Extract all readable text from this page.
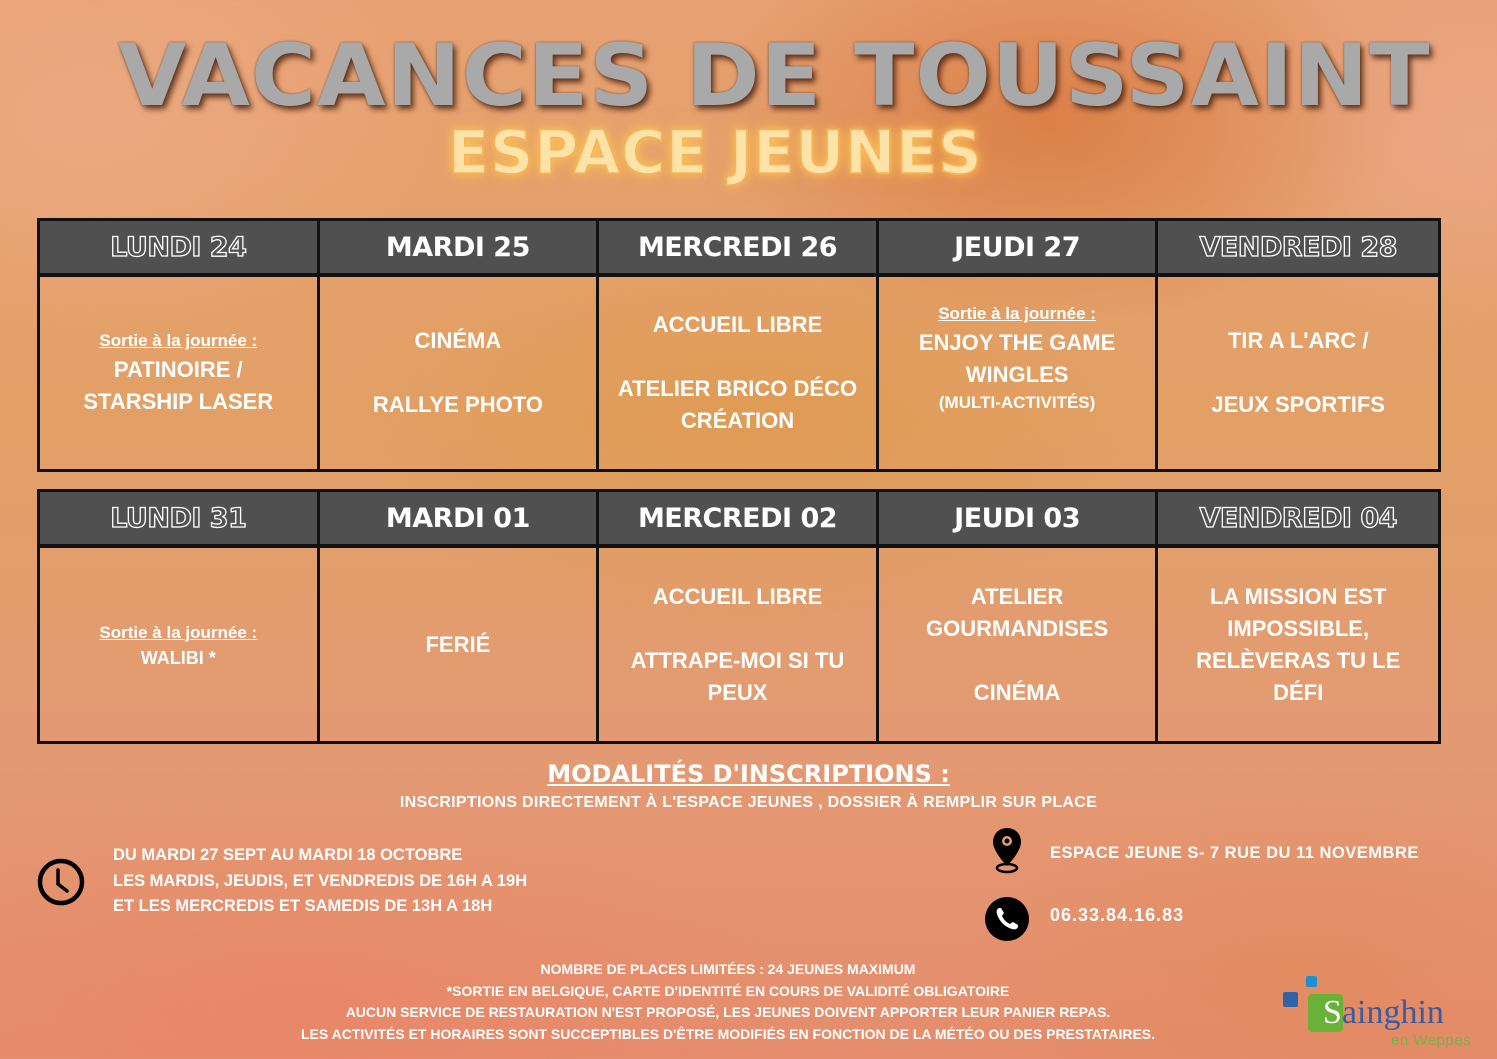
VACANCES DE TOUSSAINT
ESPACE JEUNES
LUNDI 24
Sortie à la journée :
PATINOIRE /
STARSHIP LASER
MARDI 25
CINÉMA
RALLYE PHOTO
MERCREDI 26
ACCUEIL LIBRE
ATELIER BRICO DÉCO
CRÉATION
JEUDI 27
Sortie à la journée :
ENJOY THE GAME
WINGLES
(MULTI-ACTIVITÉS)
VENDREDI 28
TIR A L'ARC /
JEUX SPORTIFS
LUNDI 31
Sortie à la journée :
WALIBI *
MARDI 01
FERIÉ
MERCREDI 02
ACCUEIL LIBRE
ATTRAPE-MOI SI TU
PEUX
JEUDI 03
ATELIER
GOURMANDISES
CINÉMA
VENDREDI 04
LA MISSION EST
IMPOSSIBLE,
RELÈVERAS TU LE
DÉFI
MODALITÉS D'INSCRIPTIONS :
INSCRIPTIONS DIRECTEMENT À L'ESPACE JEUNES , DOSSIER À REMPLIR SUR PLACE
DU MARDI 27 SEPT AU MARDI 18 OCTOBRE
LES MARDIS, JEUDIS, ET VENDREDIS DE 16H A 19H
ET LES MERCREDIS ET SAMEDIS DE 13H A 18H
ESPACE JEUNE S- 7 RUE DU 11 NOVEMBRE
06.33.84.16.83
NOMBRE DE PLACES LIMITÉES : 24 JEUNES MAXIMUM
*SORTIE EN BELGIQUE, CARTE D'IDENTITÉ EN COURS DE VALIDITÉ OBLIGATOIRE
AUCUN SERVICE DE RESTAURATION N'EST PROPOSÉ, LES JEUNES DOIVENT APPORTER LEUR PANIER REPAS.
LES ACTIVITÉS ET HORAIRES SONT SUCCEPTIBLES D'ÊTRE MODIFIÉS EN FONCTION DE LA MÉTÉO OU DES PRESTATAIRES.
Sainghin
en Weppes
